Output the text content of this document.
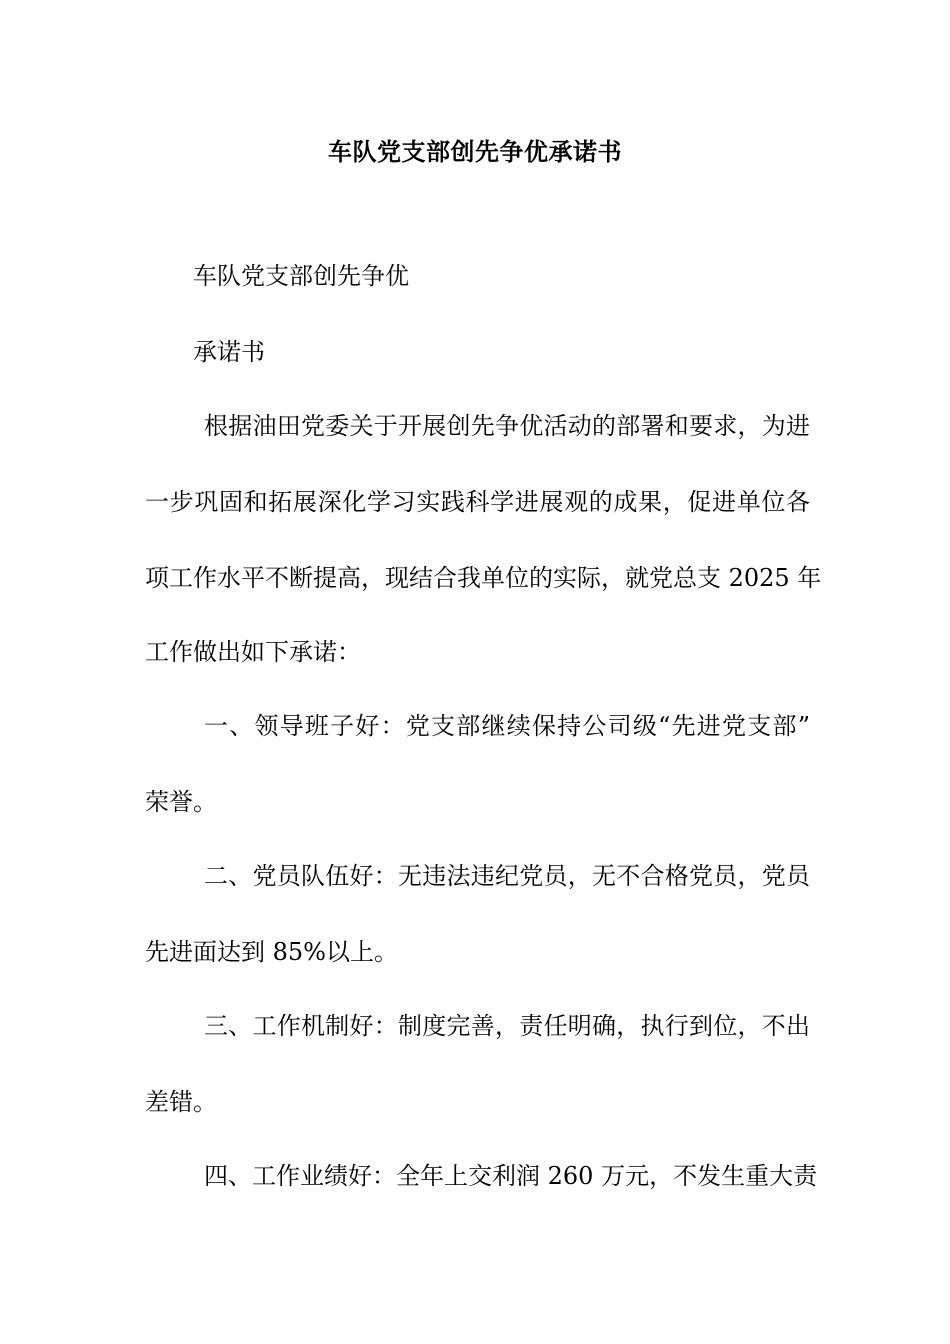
车队党支部创先争优承诺书

车队党支部创先争优

承诺书

根据油田党委关于开展创先争优活动的部署和要求，为进

一步巩固和拓展深化学习实践科学进展观的成果，促进单位各

项工作水平不断提高，现结合我单位的实际，就党总支 2025 年

工作做出如下承诺：

一、领导班子好：党支部继续保持公司级“先进党支部”

荣誉。

二、党员队伍好：无违法违纪党员，无不合格党员，党员

先进面达到 85%以上。

三、工作机制好：制度完善，责任明确，执行到位，不出

差错。

四、工作业绩好：全年上交利润 260 万元，不发生重大责
